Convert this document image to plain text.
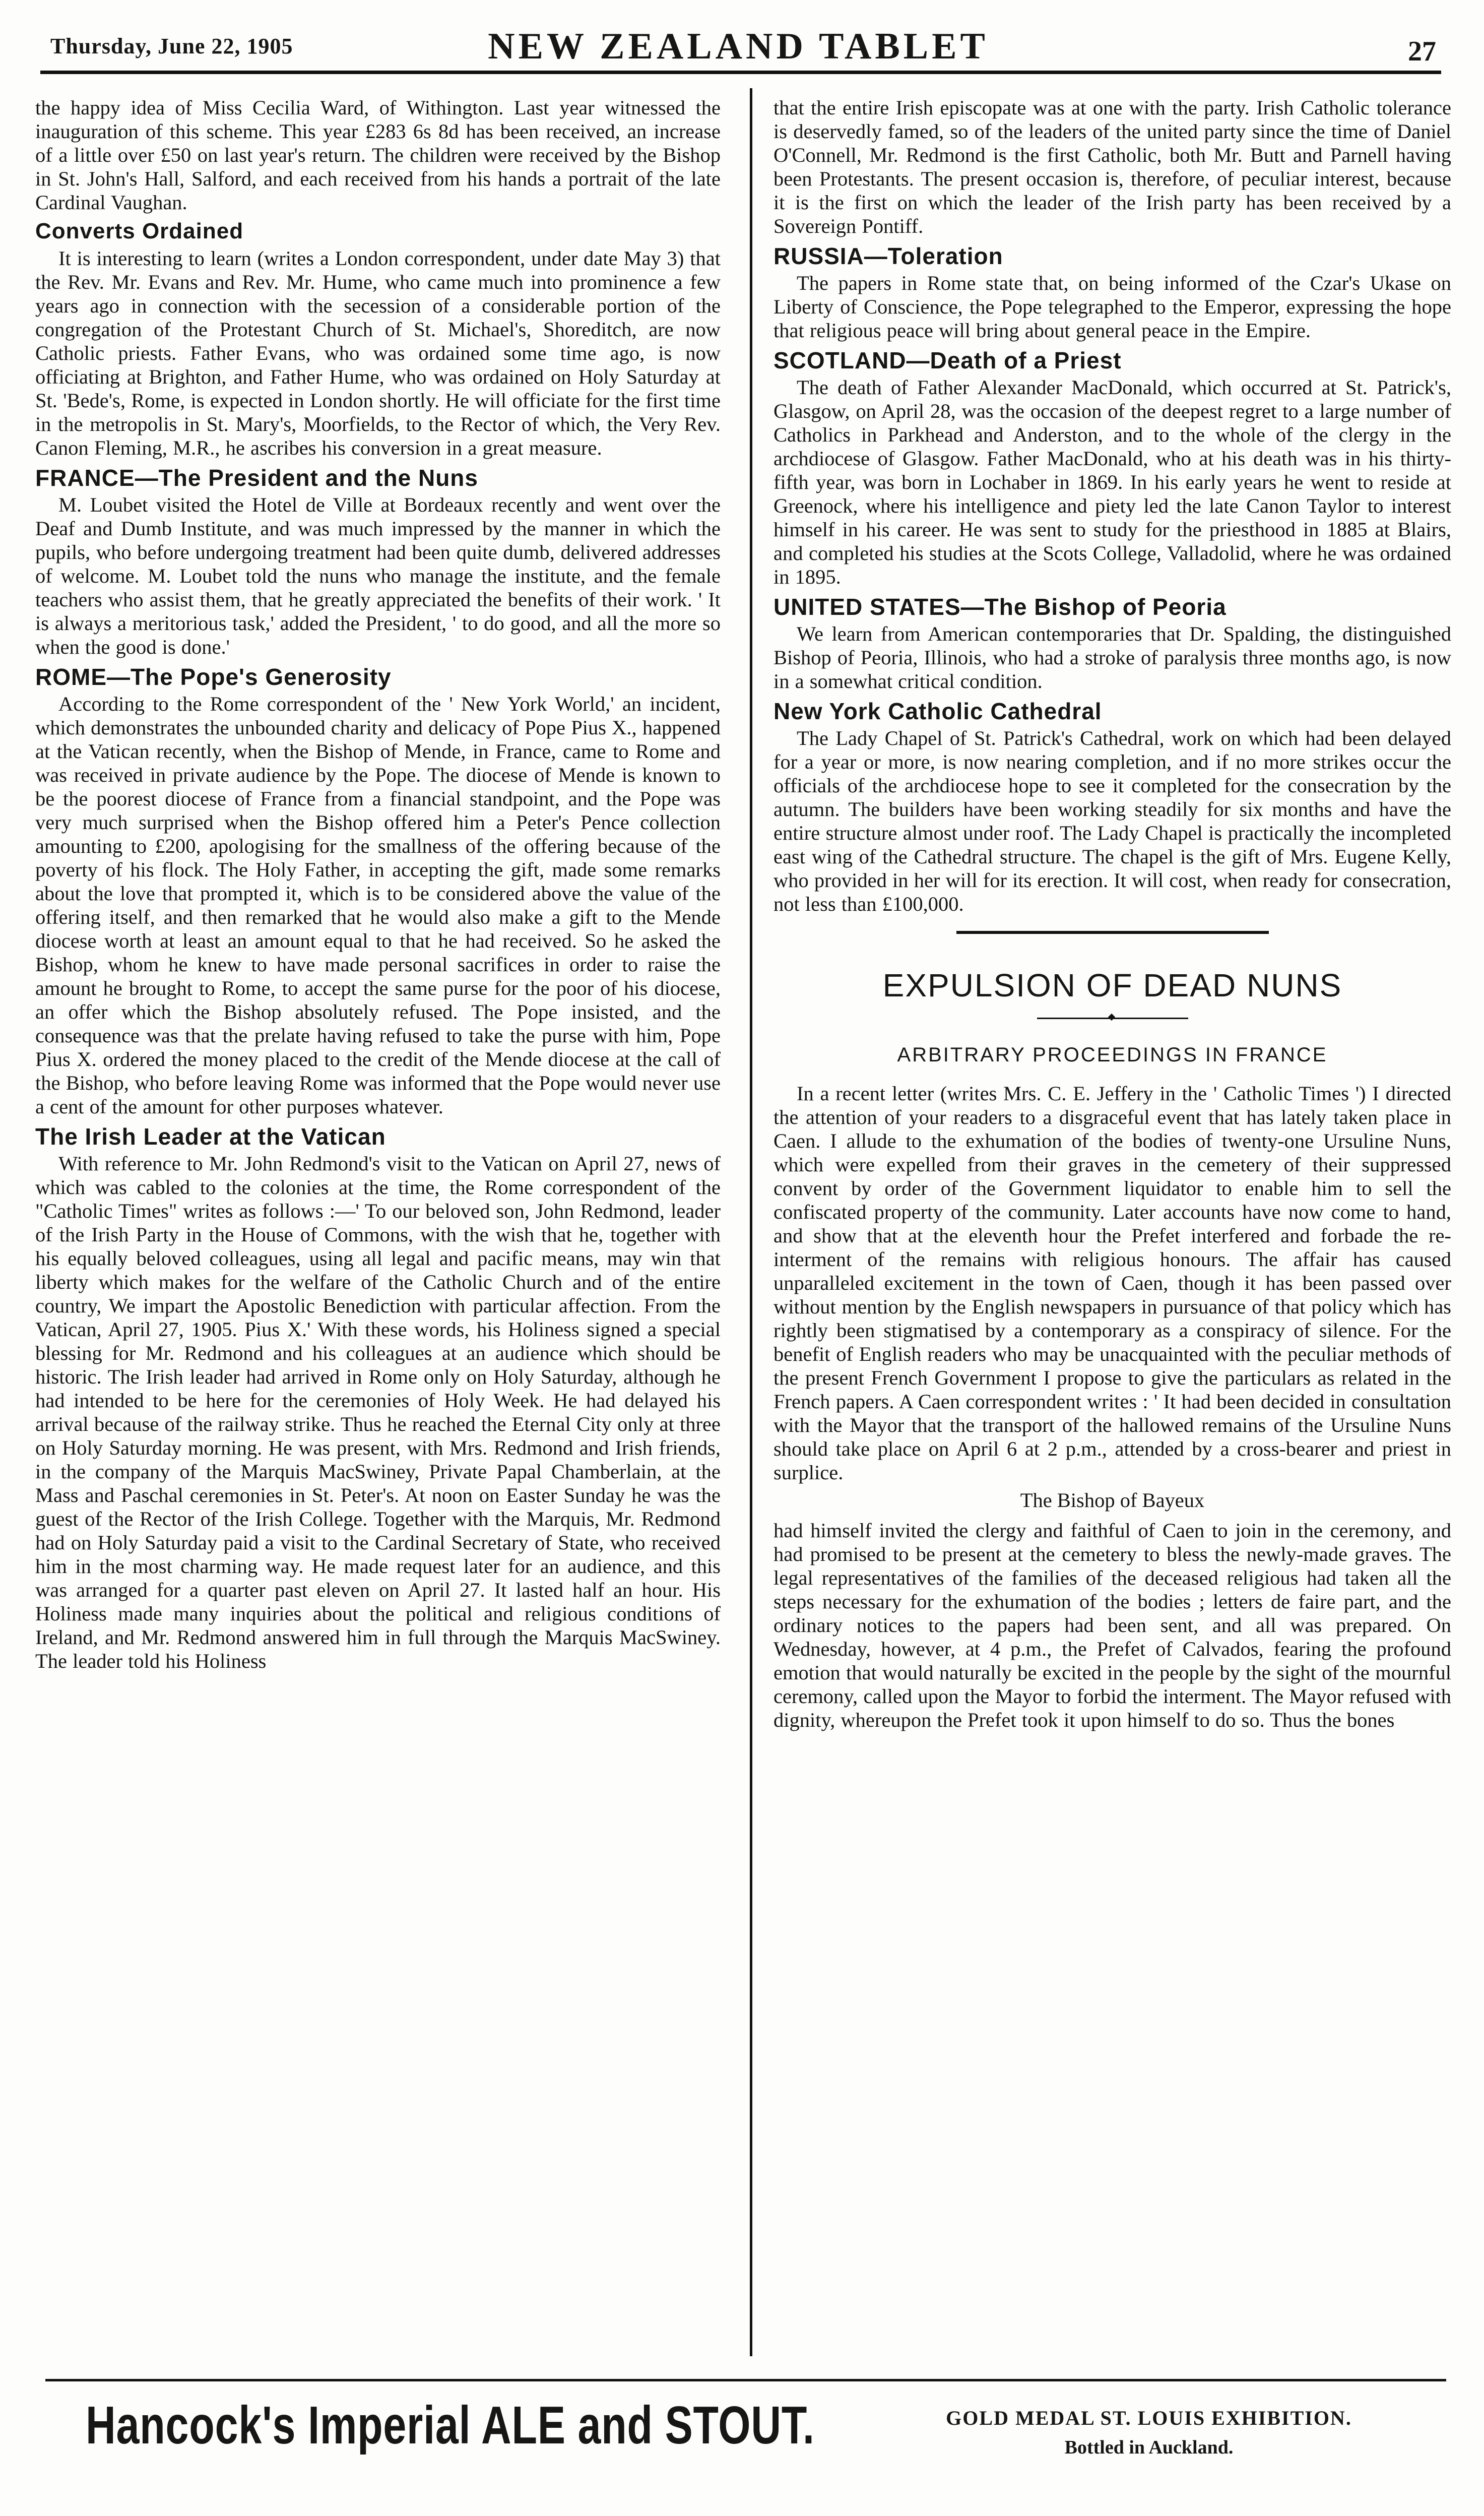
Thursday, June 22, 1905	NEW ZEALAND TABLET	27

the happy idea of Miss Cecilia Ward, of Withington. Last year witnessed the inauguration of this scheme. This year £283 6s 8d has been received, an increase of a little over £50 on last year's return. The children were received by the Bishop in St. John's Hall, Salford, and each received from his hands a portrait of the late Cardinal Vaughan.

Converts Ordained

It is interesting to learn (writes a London correspondent, under date May 3) that the Rev. Mr. Evans and Rev. Mr. Hume, who came much into prominence a few years ago in connection with the secession of a considerable portion of the congregation of the Protestant Church of St. Michael's, Shoreditch, are now Catholic priests. Father Evans, who was ordained some time ago, is now officiating at Brighton, and Father Hume, who was ordained on Holy Saturday at St. 'Bede's, Rome, is expected in London shortly. He will officiate for the first time in the metropolis in St. Mary's, Moorfields, to the Rector of which, the Very Rev. Canon Fleming, M.R., he ascribes his conversion in a great measure.

FRANCE—The President and the Nuns

M. Loubet visited the Hotel de Ville at Bordeaux recently and went over the Deaf and Dumb Institute, and was much impressed by the manner in which the pupils, who before undergoing treatment had been quite dumb, delivered addresses of welcome. M. Loubet told the nuns who manage the institute, and the female teachers who assist them, that he greatly appreciated the benefits of their work. ' It is always a meritorious task,' added the President, ' to do good, and all the more so when the good is done.'

ROME—The Pope's Generosity

According to the Rome correspondent of the ' New York World,' an incident, which demonstrates the unbounded charity and delicacy of Pope Pius X., happened at the Vatican recently, when the Bishop of Mende, in France, came to Rome and was received in private audience by the Pope. The diocese of Mende is known to be the poorest diocese of France from a financial standpoint, and the Pope was very much surprised when the Bishop offered him a Peter's Pence collection amounting to £200, apologising for the smallness of the offering because of the poverty of his flock. The Holy Father, in accepting the gift, made some remarks about the love that prompted it, which is to be considered above the value of the offering itself, and then remarked that he would also make a gift to the Mende diocese worth at least an amount equal to that he had received. So he asked the Bishop, whom he knew to have made personal sacrifices in order to raise the amount he brought to Rome, to accept the same purse for the poor of his diocese, an offer which the Bishop absolutely refused. The Pope insisted, and the consequence was that the prelate having refused to take the purse with him, Pope Pius X. ordered the money placed to the credit of the Mende diocese at the call of the Bishop, who before leaving Rome was informed that the Pope would never use a cent of the amount for other purposes whatever.

The Irish Leader at the Vatican

With reference to Mr. John Redmond's visit to the Vatican on April 27, news of which was cabled to the colonies at the time, the Rome correspondent of the "Catholic Times" writes as follows :—' To our beloved son, John Redmond, leader of the Irish Party in the House of Commons, with the wish that he, together with his equally beloved colleagues, using all legal and pacific means, may win that liberty which makes for the welfare of the Catholic Church and of the entire country, We impart the Apostolic Benediction with particular affection. From the Vatican, April 27, 1905. Pius X.' With these words, his Holiness signed a special blessing for Mr. Redmond and his colleagues at an audience which should be historic. The Irish leader had arrived in Rome only on Holy Saturday, although he had intended to be here for the ceremonies of Holy Week. He had delayed his arrival because of the railway strike. Thus he reached the Eternal City only at three on Holy Saturday morning. He was present, with Mrs. Redmond and Irish friends, in the company of the Marquis MacSwiney, Private Papal Chamberlain, at the Mass and Paschal ceremonies in St. Peter's. At noon on Easter Sunday he was the guest of the Rector of the Irish College. Together with the Marquis, Mr. Redmond had on Holy Saturday paid a visit to the Cardinal Secretary of State, who received him in the most charming way. He made request later for an audience, and this was arranged for a quarter past eleven on April 27. It lasted half an hour. His Holiness made many inquiries about the political and religious conditions of Ireland, and Mr. Redmond answered him in full through the Marquis MacSwiney. The leader told his Holiness

that the entire Irish episcopate was at one with the party. Irish Catholic tolerance is deservedly famed, so of the leaders of the united party since the time of Daniel O'Connell, Mr. Redmond is the first Catholic, both Mr. Butt and Parnell having been Protestants. The present occasion is, therefore, of peculiar interest, because it is the first on which the leader of the Irish party has been received by a Sovereign Pontiff.

RUSSIA—Toleration

The papers in Rome state that, on being informed of the Czar's Ukase on Liberty of Conscience, the Pope telegraphed to the Emperor, expressing the hope that religious peace will bring about general peace in the Empire.

SCOTLAND—Death of a Priest

The death of Father Alexander MacDonald, which occurred at St. Patrick's, Glasgow, on April 28, was the occasion of the deepest regret to a large number of Catholics in Parkhead and Anderston, and to the whole of the clergy in the archdiocese of Glasgow. Father MacDonald, who at his death was in his thirty-fifth year, was born in Lochaber in 1869. In his early years he went to reside at Greenock, where his intelligence and piety led the late Canon Taylor to interest himself in his career. He was sent to study for the priesthood in 1885 at Blairs, and completed his studies at the Scots College, Valladolid, where he was ordained in 1895.

UNITED STATES—The Bishop of Peoria

We learn from American contemporaries that Dr. Spalding, the distinguished Bishop of Peoria, Illinois, who had a stroke of paralysis three months ago, is now in a somewhat critical condition.

New York Catholic Cathedral

The Lady Chapel of St. Patrick's Cathedral, work on which had been delayed for a year or more, is now nearing completion, and if no more strikes occur the officials of the archdiocese hope to see it completed for the consecration by the autumn. The builders have been working steadily for six months and have the entire structure almost under roof. The Lady Chapel is practically the incompleted east wing of the Cathedral structure. The chapel is the gift of Mrs. Eugene Kelly, who provided in her will for its erection. It will cost, when ready for consecration, not less than £100,000.

EXPULSION OF DEAD NUNS
ARBITRARY PROCEEDINGS IN FRANCE

In a recent letter (writes Mrs. C. E. Jeffery in the ' Catholic Times ') I directed the attention of your readers to a disgraceful event that has lately taken place in Caen. I allude to the exhumation of the bodies of twenty-one Ursuline Nuns, which were expelled from their graves in the cemetery of their suppressed convent by order of the Government liquidator to enable him to sell the confiscated property of the community. Later accounts have now come to hand, and show that at the eleventh hour the Prefet interfered and forbade the re-interment of the remains with religious honours. The affair has caused unparalleled excitement in the town of Caen, though it has been passed over without mention by the English newspapers in pursuance of that policy which has rightly been stigmatised by a contemporary as a conspiracy of silence. For the benefit of English readers who may be unacquainted with the peculiar methods of the present French Government I propose to give the particulars as related in the French papers. A Caen correspondent writes : ' It had been decided in consultation with the Mayor that the transport of the hallowed remains of the Ursuline Nuns should take place on April 6 at 2 p.m., attended by a cross-bearer and priest in surplice.

The Bishop of Bayeux

had himself invited the clergy and faithful of Caen to join in the ceremony, and had promised to be present at the cemetery to bless the newly-made graves. The legal representatives of the families of the deceased religious had taken all the steps necessary for the exhumation of the bodies ; letters de faire part, and the ordinary notices to the papers had been sent, and all was prepared. On Wednesday, however, at 4 p.m., the Prefet of Calvados, fearing the profound emotion that would naturally be excited in the people by the sight of the mournful ceremony, called upon the Mayor to forbid the interment. The Mayor refused with dignity, whereupon the Prefet took it upon himself to do so. Thus the bones

Hancock's Imperial ALE and STOUT.	GOLD MEDAL ST. LOUIS EXHIBITION.
Bottled in Auckland.
